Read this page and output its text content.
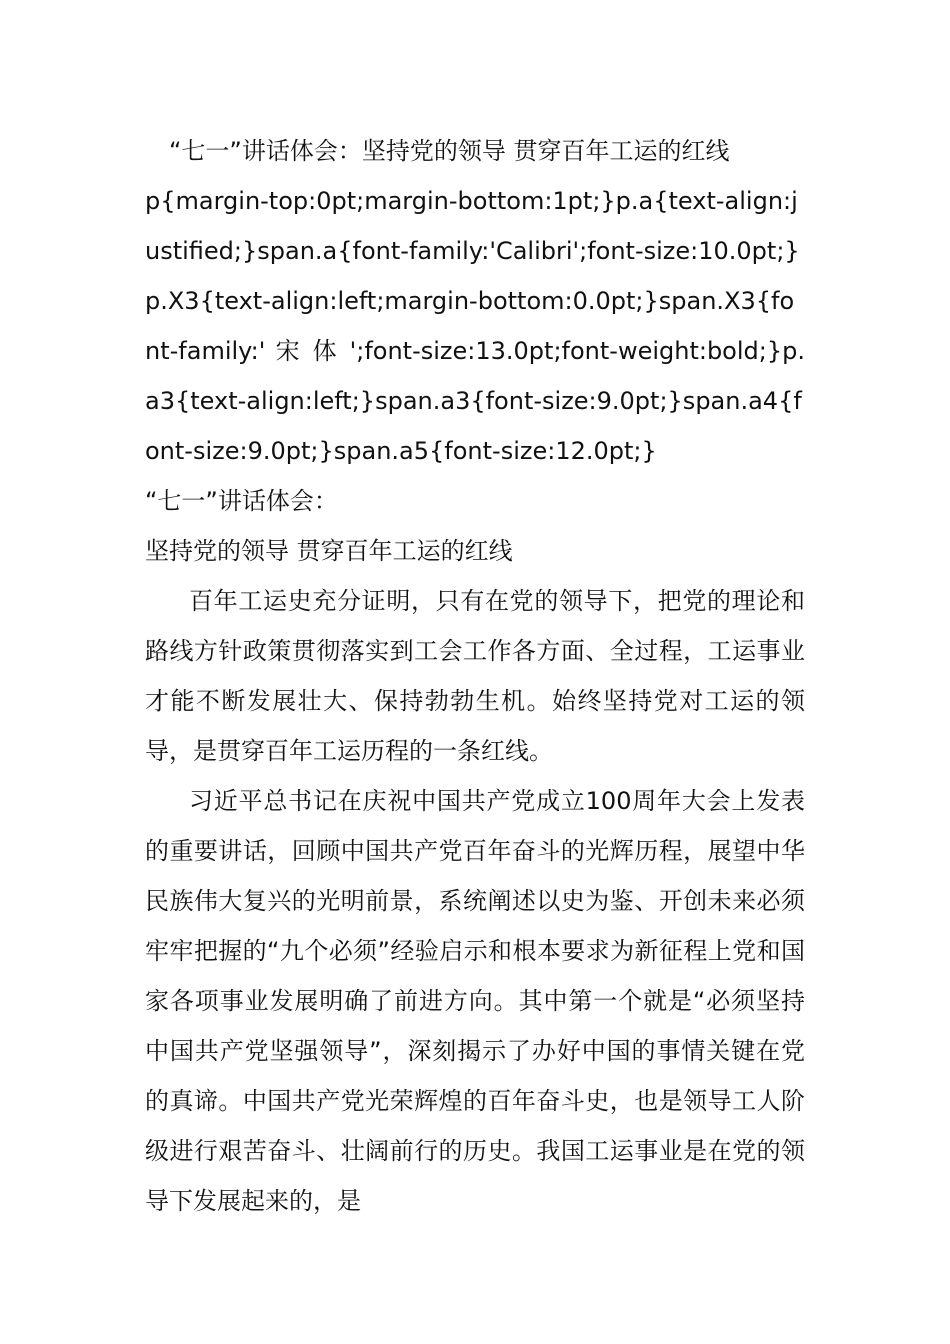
“七一”讲话体会：坚持党的领导 贯穿百年工运的红线
p{margin-top:0pt;margin-bottom:1pt;}p.a{text-align:justified;}span.a{font-family:'Calibri';font-size:10.0pt;}p.X3{text-align:left;margin-bottom:0.0pt;}span.X3{font-family:' 宋 体 ';font-size:13.0pt;font-weight:bold;}p.a3{text-align:left;}span.a3{font-size:9.0pt;}span.a4{font-size:9.0pt;}span.a5{font-size:12.0pt;}“七一”讲话体会：
坚持党的领导 贯穿百年工运的红线

百年工运史充分证明，只有在党的领导下，把党的理论和路线方针政策贯彻落实到工会工作各方面、全过程，工运事业才能不断发展壮大、保持勃勃生机。始终坚持党对工运的领导，是贯穿百年工运历程的一条红线。

习近平总书记在庆祝中国共产党成立100周年大会上发表的重要讲话，回顾中国共产党百年奋斗的光辉历程，展望中华民族伟大复兴的光明前景，系统阐述以史为鉴、开创未来必须牢牢把握的“九个必须”经验启示和根本要求为新征程上党和国家各项事业发展明确了前进方向。其中第一个就是“必须坚持中国共产党坚强领导”，深刻揭示了办好中国的事情关键在党的真谛。中国共产党光荣辉煌的百年奋斗史，也是领导工人阶级进行艰苦奋斗、壮阔前行的历史。我国工运事业是在党的领导下发展起来的，是
